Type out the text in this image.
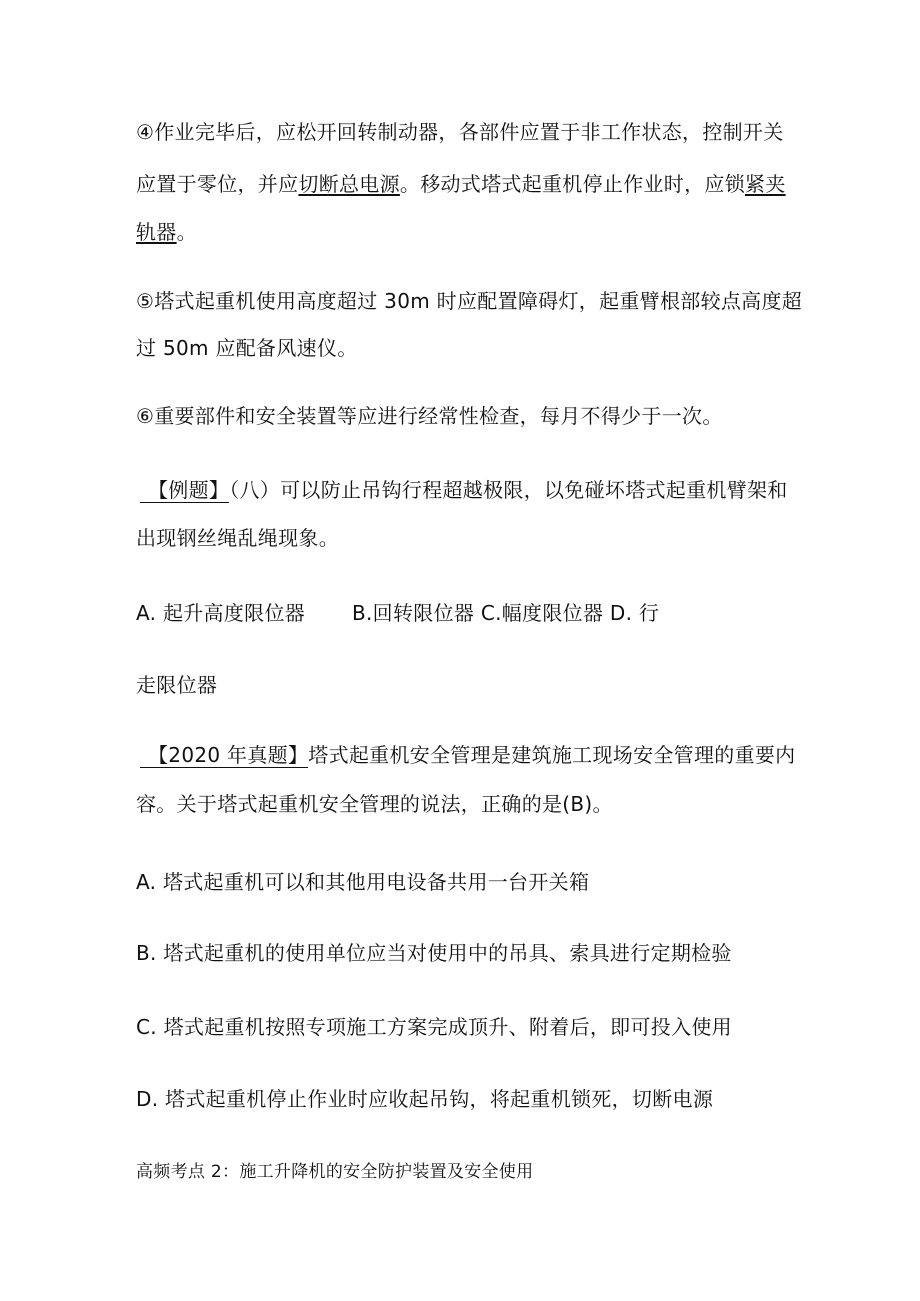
④作业完毕后，应松开回转制动器，各部件应置于非工作状态，控制开关
应置于零位，并应切断总电源。移动式塔式起重机停止作业时，应锁紧夹
轨器。
⑤塔式起重机使用高度超过 30m 时应配置障碍灯，起重臂根部较点高度超
过 50m 应配备风速仪。
⑥重要部件和安全装置等应进行经常性检查，每月不得少于一次。
【例题】（八）可以防止吊钩行程超越极限，以免碰坏塔式起重机臂架和
出现钢丝绳乱绳现象。
A. 起升高度限位器 B.回转限位器 C.幅度限位器 D. 行
走限位器
【2020 年真题】塔式起重机安全管理是建筑施工现场安全管理的重要内
容。关于塔式起重机安全管理的说法，正确的是(B)。
A. 塔式起重机可以和其他用电设备共用一台开关箱
B. 塔式起重机的使用单位应当对使用中的吊具、索具进行定期检验
C. 塔式起重机按照专项施工方案完成顶升、附着后，即可投入使用
D. 塔式起重机停止作业时应收起吊钩，将起重机锁死，切断电源
高频考点 2：施工升降机的安全防护装置及安全使用
